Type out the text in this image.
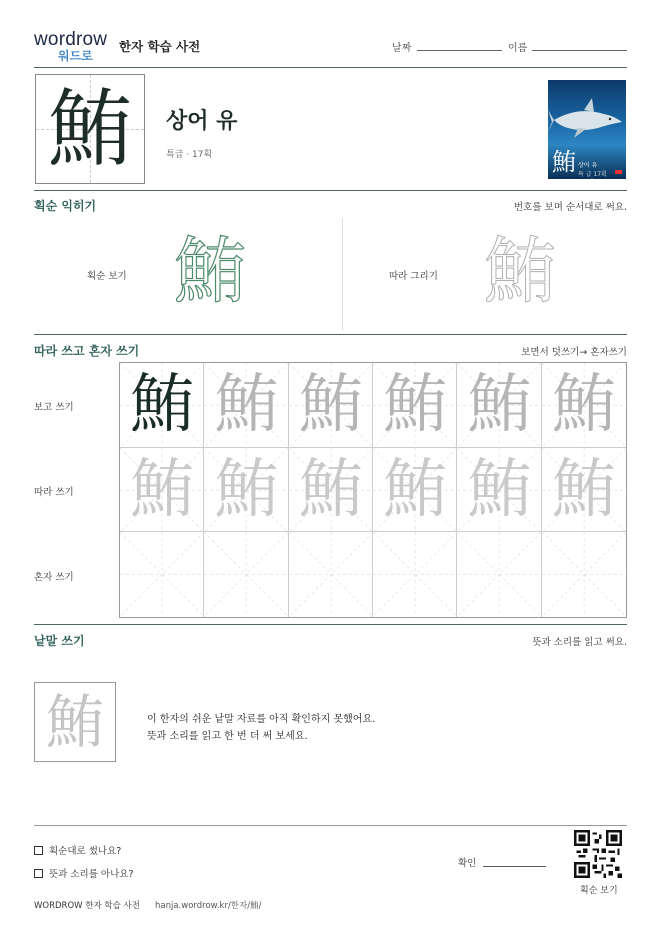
wordrow
워드로
한자 학습 사전	날짜	이름
鮪	상어 유
특급 · 17획	鮪 상어 유
특 급 17획 wordrow
획순 익히기	번호를 보며 순서대로 써요.
획순 보기 鮪	따라 그리기 鮪
따라 쓰고 혼자 쓰기	보면서 덧쓰기→ 혼자쓰기
보고 쓰기
따라 쓰기
혼자 쓰기
鮪 鮪 鮪 鮪 鮪 鮪
鮪 鮪 鮪 鮪 鮪 鮪
낱말 쓰기	뜻과 소리를 읽고 써요.
鮪	이 한자의 쉬운 낱말 자료를 아직 확인하지 못했어요.
뜻과 소리를 읽고 한 번 더 써 보세요.
획순대로 썼나요?
뜻과 소리를 아나요?
확인
획순 보기
WORDROW 한자 학습 사전 hanja.wordrow.kr/한자/鮪/
